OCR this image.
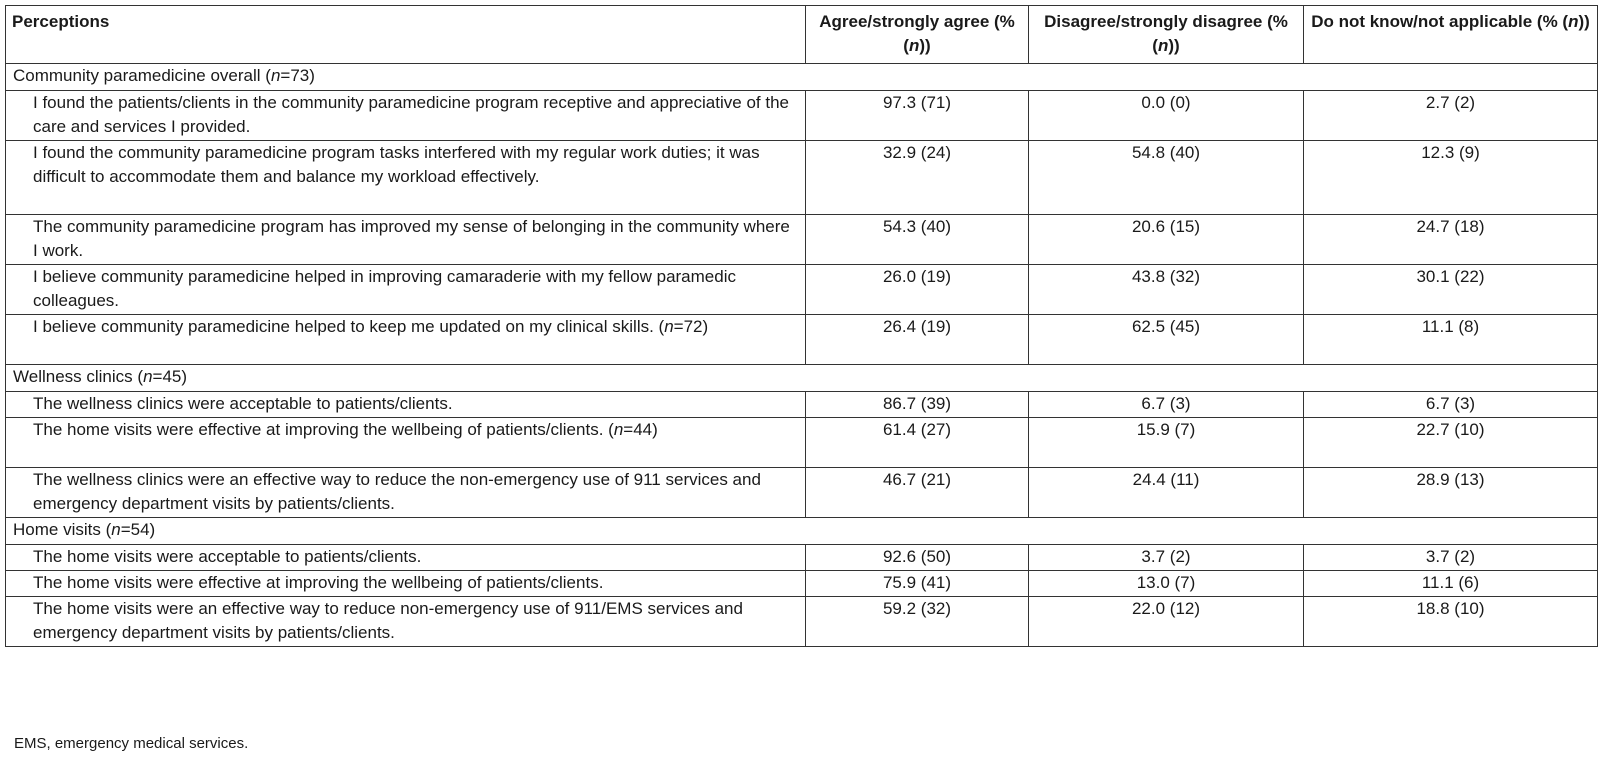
Perceptions	Agree/strongly agree (% (n))	Disagree/strongly disagree (% (n))	Do not know/not applicable (% (n))
Community paramedicine overall (n=73)			
I found the patients/clients in the community paramedicine program receptive and appreciative of the care and services I provided.	97.3 (71)	0.0 (0)	2.7 (2)
I found the community paramedicine program tasks interfered with my regular work duties; it was difficult to accommodate them and balance my workload effectively.	32.9 (24)	54.8 (40)	12.3 (9)
The community paramedicine program has improved my sense of belonging in the community where I work.	54.3 (40)	20.6 (15)	24.7 (18)
I believe community paramedicine helped in improving camaraderie with my fellow paramedic colleagues.	26.0 (19)	43.8 (32)	30.1 (22)
I believe community paramedicine helped to keep me updated on my clinical skills. (n=72)	26.4 (19)	62.5 (45)	11.1 (8)
Wellness clinics (n=45)			
The wellness clinics were acceptable to patients/clients.	86.7 (39)	6.7 (3)	6.7 (3)
The home visits were effective at improving the wellbeing of patients/clients. (n=44)	61.4 (27)	15.9 (7)	22.7 (10)
The wellness clinics were an effective way to reduce the non-emergency use of 911 services and emergency department visits by patients/clients.	46.7 (21)	24.4 (11)	28.9 (13)
Home visits (n=54)			
The home visits were acceptable to patients/clients.	92.6 (50)	3.7 (2)	3.7 (2)
The home visits were effective at improving the wellbeing of patients/clients.	75.9 (41)	13.0 (7)	11.1 (6)
The home visits were an effective way to reduce non-emergency use of 911/EMS services and emergency department visits by patients/clients.	59.2 (32)	22.0 (12)	18.8 (10)
EMS, emergency medical services.
